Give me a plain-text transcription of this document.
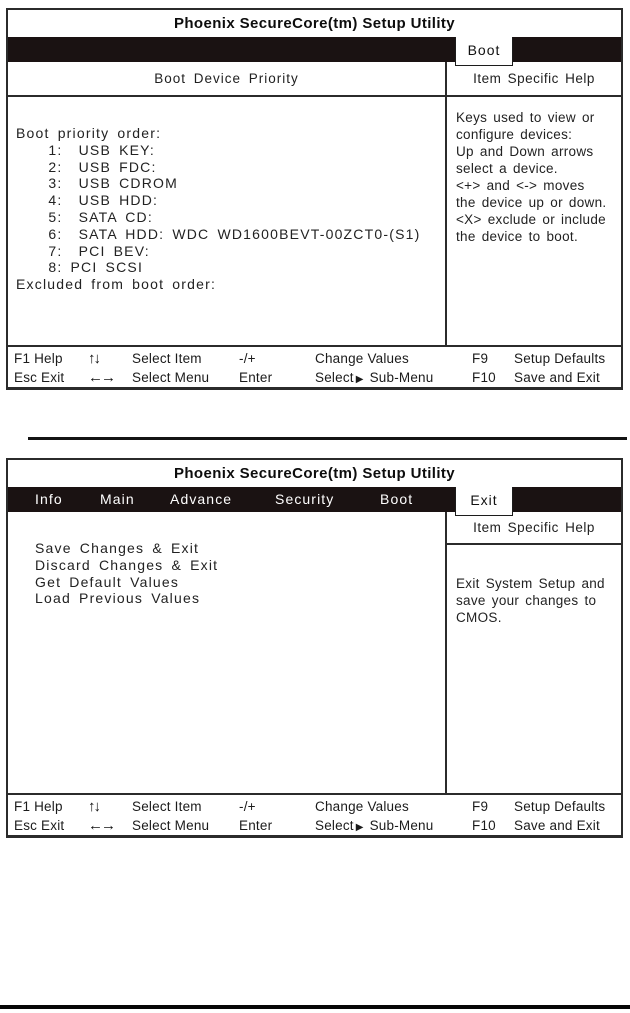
Phoenix SecureCore(tm) Setup Utility
Boot
Boot Device Priority	Item Specific Help
Boot priority order:
1:  USB KEY:
2:  USB FDC:
3:  USB CDROM
4:  USB HDD:
5:  SATA CD:
6:  SATA HDD: WDC WD1600BEVT-00ZCT0-(S1)
7:  PCI BEV:
8: PCI SCSI
Excluded from boot order:
Keys used to view or
configure devices:
Up and Down arrows
select a device.
<+> and <-> moves
the device up or down.
<X> exclude or include
the device to boot.
F1 Help	↑↓	Select Item	-/+	Change Values	F9	Setup Defaults
Esc Exit	←→	Select Menu	Enter	Select ▶ Sub-Menu	F10	Save and Exit
Phoenix SecureCore(tm) Setup Utility
Info	Main	Advance	Security	Boot	Exit
Save Changes & Exit
Discard Changes & Exit
Get Default Values
Load Previous Values
Item Specific Help
Exit System Setup and
save your changes to
CMOS.
F1 Help	↑↓	Select Item	-/+	Change Values	F9	Setup Defaults
Esc Exit	←→	Select Menu	Enter	Select ▶ Sub-Menu	F10	Save and Exit
